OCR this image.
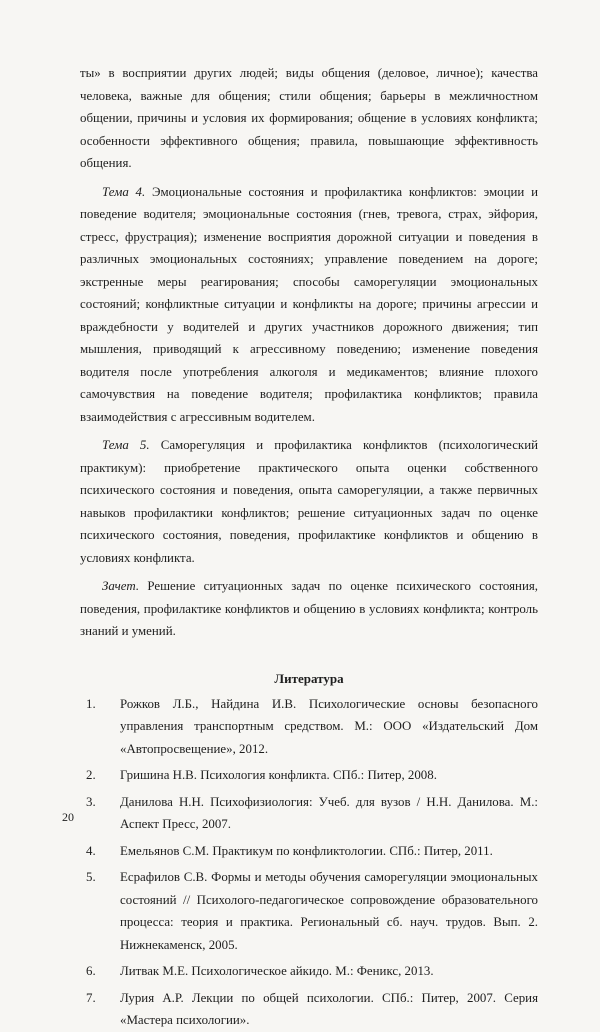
ты» в восприятии других людей; виды общения (деловое, личное); качества человека, важные для общения; стили общения; барьеры в межличностном общении, причины и условия их формирования; общение в условиях конфликта; особенности эффективного общения; правила, повышающие эффективность общения.

Тема 4. Эмоциональные состояния и профилактика конфликтов: эмоции и поведение водителя; эмоциональные состояния (гнев, тревога, страх, эйфория, стресс, фрустрация); изменение восприятия дорожной ситуации и поведения в различных эмоциональных состояниях; управление поведением на дороге; экстренные меры реагирования; способы саморегуляции эмоциональных состояний; конфликтные ситуации и конфликты на дороге; причины агрессии и враждебности у водителей и других участников дорожного движения; тип мышления, приводящий к агрессивному поведению; изменение поведения водителя после употребления алкоголя и медикаментов; влияние плохого самочувствия на поведение водителя; профилактика конфликтов; правила взаимодействия с агрессивным водителем.

Тема 5. Саморегуляция и профилактика конфликтов (психологический практикум): приобретение практического опыта оценки собственного психического состояния и поведения, опыта саморегуляции, а также первичных навыков профилактики конфликтов; решение ситуационных задач по оценке психического состояния, поведения, профилактике конфликтов и общению в условиях конфликта.

Зачет. Решение ситуационных задач по оценке психического состояния, поведения, профилактике конфликтов и общению в условиях конфликта; контроль знаний и умений.

Литература
1.	Рожков Л.Б., Найдина И.В. Психологические основы безопасного управления транспортным средством. М.: ООО «Издательский Дом «Автопросвещение», 2012.
2.	Гришина Н.В. Психология конфликта. СПб.: Питер, 2008.
3.	Данилова Н.Н. Психофизиология: Учеб. для вузов / Н.Н. Данилова. М.: Аспект Пресс, 2007.
4.	Емельянов С.М. Практикум по конфликтологии. СПб.: Питер, 2011.
5.	Есрафилов С.В. Формы и методы обучения саморегуляции эмоциональных состояний // Психолого-педагогическое сопровождение образовательного процесса: теория и практика. Региональный сб. науч. трудов. Вып. 2. Нижнекаменск, 2005.
6.	Литвак М.Е. Психологическое айкидо. М.: Феникс, 2013.
7.	Лурия А.Р. Лекции по общей психологии. СПб.: Питер, 2007. Серия «Мастера психологии».
20
